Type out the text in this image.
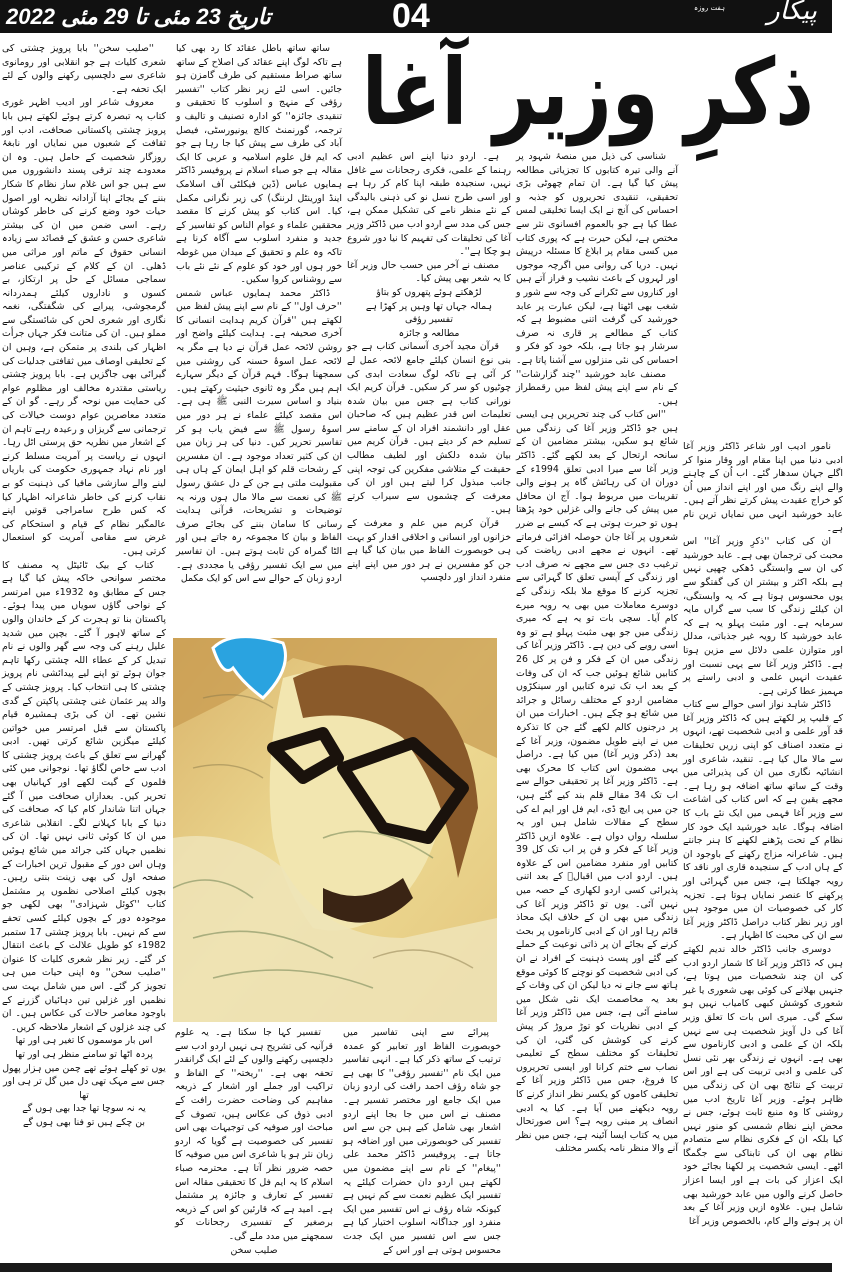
تاریخ 23 مئی تا 29 مئی 2022	04	ہفت روزہ پیکار
ذکرِ وزیر آغا

نامور ادیب اور شاعر ڈاکٹر وزیر آغا ادبی دنیا میں اپنا مقام اور وقار منوا کر اگلے جہان سدھار گئے۔ اب اُن کے چاہنے والے اپنے رنگ میں اور اپنے انداز میں اُن کو خراج عقیدت پیش کرتے نظر آتے ہیں۔ عابد خورشید انہی میں نمایاں ترین نام ہے۔

ان کی کتاب ''ذکرِ وزیر آغا'' اس محبت کی ترجمان بھی ہے۔ عابد خورشید کی ان سے وابستگی ڈھکی چھپی نہیں ہے بلکہ اکثر و بیشتر ان کی گفتگو سے یوں محسوس ہوتا ہے کہ یہ وابستگی، ان کیلئے زندگی کا سب سے گراں مایہ سرمایہ ہے۔ اور مثبت پہلو یہ ہے کہ عابد خورشید کا رویہ غیر جذباتی، مدلل اور متوازن علمی دلائل سے مزین ہوتا ہے۔ ڈاکٹر وزیر آغا سے یہی نسبت اور عقیدت انہیں علمی و ادبی راستے پر مہمیز عطا کرتی ہے۔

ڈاکٹر شاہد نواز اسی حوالے سے کتاب کے فلیپ پر لکھتے ہیں کہ ڈاکٹر وزیر آغا قد آور علمی و ادبی شخصیت تھے، انہوں نے متعدد اصناف کو اپنی زریں تخلیقات سے مالا مال کیا ہے۔ تنقید، شاعری اور انشائیہ نگاری میں ان کی پذیرائی میں وقت کے ساتھ ساتھ اضافہ ہو رہا ہے۔ مجھے یقین ہے کہ اس کتاب کی اشاعت سے وزیر آغا فہمی میں ایک نئے باب کا اضافہ ہوگا۔ عابد خورشید ایک خود کار نظام کے تحت پڑھنے لکھنے کا ہنر جانتے ہیں۔ شاعرانہ مزاج رکھنے کے باوجود ان کے ہاں ادب کے سنجیدہ قاری اور ناقد کا رویہ جھلکتا ہے، جس میں گہرائی اور پرکھنے کا عنصر نمایاں ہوتا ہے۔ تجزیہ کار کی خصوصیات ان میں موجود ہیں اور زیر نظر کتاب دراصل ڈاکٹر وزیر آغا سے ان کی محبت کا اظہار ہے۔

دوسری جانب ڈاکٹر خالد ندیم لکھتے ہیں کہ ڈاکٹر وزیر آغا کا شمار اردو ادب کی ان چند شخصیات میں ہوتا ہے، جنہیں بھلانے کی کوئی بھی شعوری یا غیر شعوری کوشش کبھی کامیاب نہیں ہو سکے گی۔ میری اس بات کا تعلق وزیر آغا کی دل آویز شخصیت ہی سے نہیں بلکہ ان کے علمی و ادبی کارناموں سے بھی ہے۔ انہوں نے زندگی بھر نئی نسل کی علمی و ادبی تربیت کی ہے اور اس تربیت کے نتائج بھی ان کی زندگی میں ظاہر ہوئے۔ وزیر آغا تاریخ ادب میں روشنی کا وہ منبع ثابت ہوئے، جس نے محض اپنے نظام شمسی کو منور نہیں کیا بلکہ ان کے فکری نظام سے متصادم نظام بھی ان کی تابناکی سے جگمگا اٹھے۔ ایسی شخصیت پر لکھنا بجائے خود ایک اعزاز کی بات ہے اور ایسا اعزاز حاصل کرنے والوں میں عابد خورشید بھی شامل ہیں۔ علاوہ ازیں وزیر آغا کے بعد ان پر ہونے والے کام، بالخصوص وزیر آغا

شناسی کی ذیل میں منصۂ شہود پر آنے والی تیرہ کتابوں کا تجزیاتی مطالعہ پیش کیا گیا ہے۔ ان تمام چھوٹی بڑی تحقیقی، تنقیدی تحریروں کو جذبہ و احساس کی آنچ نے ایک ایسا تخلیقی لمس عطا کیا ہے جو بالعموم افسانوی نثر سے مختص ہے، لیکن حیرت ہے کہ پوری کتاب میں کسی مقام پر ابلاغ کا مسئلہ درپیش نہیں۔ دریا کی روانی میں اگرچہ موجوں اور لہروں کے باعث نشیب و فراز آتے ہیں اور کناروں سے ٹکرانے کی وجہ سے شور و شغب بھی اٹھتا ہے، لیکن عبارت پر عابد خورشید کی گرفت اتنی مضبوط ہے کہ کتاب کے مطالعے پر قاری نہ صرف سرشار ہو جاتا ہے، بلکہ خود کو فکر و احساس کی نئی منزلوں سے آشنا پاتا ہے۔

مصنف عابد خورشید ''چند گزارشات'' کے نام سے اپنے پیش لفظ میں رقمطراز ہیں۔

''اس کتاب کی چند تحریریں ہی ایسی ہیں جو ڈاکٹر وزیر آغا کی زندگی میں شائع ہو سکیں، بیشتر مضامین ان کے سانحہ ارتحال کے بعد لکھے گئے۔ ڈاکٹر وزیر آغا سے میرا ادبی تعلق 1994ء کے دوران ان کی رہائش گاہ پر ہونے والی تقریبات میں مربوط ہوا۔ آج ان محافل میں پیش کی جانے والی غزلیں خود پڑھتا ہوں تو حیرت ہوتی ہے کہ کیسے بے ضرر شعروں پر آغا جان حوصلہ افزائی فرماتے تھے۔ انہوں نے مجھے ادبی ریاضت کی ترغیب دی جس سے مجھے نہ صرف ادب اور زندگی کے آپسی تعلق کا گہرائی سے تجزیہ کرنے کا موقع ملا بلکہ زندگی کے دوسرے معاملات میں بھی یہ رویہ میرے کام آیا۔ سچی بات تو یہ ہے کہ میری زندگی میں جو بھی مثبت پہلو ہے تو وہ اسی رویے کی دین ہے۔ ڈاکٹر وزیر آغا کی زندگی میں ان کے فکر و فن پر کل 26 کتابیں شائع ہوئیں جب کہ ان کی وفات کے بعد اب تک تیرہ کتابیں اور سینکڑوں مضامین اردو کے مختلف رسائل و جرائد میں شائع ہو چکے ہیں۔ اخبارات میں ان پر درجنوں کالم لکھے گئے جن کا تذکرہ میں نے اپنے طویل مضمون، وزیر آغا کے بعد (ذکر وزیر آغا) میں کیا ہے۔ دراصل یہی مضمون اس کتاب کا محرک بھی ہے۔ ڈاکٹر وزیر آغا پر تحقیقی حوالے سے اب تک 34 مقالے قلم بند کیے گئے ہیں، جن میں پی ایچ ڈی، ایم فل اور ایم اے کی سطح کے مقالات شامل ہیں اور یہ سلسلہ رواں دواں ہے۔ علاوہ ازیں ڈاکٹر وزیر آغا کے فکر و فن پر اب تک کل 39 کتابیں اور منفرد مضامین اس کے علاوہ ہیں۔ اردو ادب میں اقبالؒ کے بعد اتنی پذیرائی کسی اردو لکھاری کے حصہ میں نہیں آئی۔ یوں تو ڈاکٹر وزیر آغا کی زندگی میں بھی ان کے خلاف ایک محاذ قائم رہا اور ان کے ادبی کارناموں پر بحث کرنے کے بجائے ان پر ذاتی نوعیت کے حملے کیے گئے اور پست ذہنیت کے افراد نے ان کی ادبی شخصیت کو نوچنے کا کوئی موقع ہاتھ سے جانے نہ دیا لیکن ان کی وفات کے بعد یہ مخاصمت ایک نئی شکل میں سامنے آئی ہے، جس میں ڈاکٹر وزیر آغا کے ادبی نظریات کو توڑ مروڑ کر پیش کرنے کی کوشش کی گئی، ان کی تخلیقات کو مختلف سطح کے تعلیمی نصاب سے ختم کرانا اور ایسی تحریروں کا فروغ، جس میں ڈاکٹر وزیر آغا کے تخلیقی کاموں کو یکسر نظر انداز کرنے کا رویہ دیکھنے میں آیا ہے۔ کیا یہ ادبی انصاف پر مبنی رویہ ہے؟ اس صورتحال میں یہ کتاب ایسا آئینہ ہے، جس میں نظر آنے والا منظر نامہ یکسر مختلف

ہے۔ اردو دنیا اپنے اس عظیم ادبی رہنما کے علمی، فکری رجحانات سے غافل نہیں، سنجیدہ طبقہ اپنا کام کر رہا ہے اور اسی طرح نسل نو کی ذہنی بالیدگی کے نئے منظر نامے کی تشکیل ممکن ہے، جس کی مدد سے اردو ادب میں ڈاکٹر وزیر آغا کی تخلیقات کی تفہیم کا نیا دور شروع ہو چکا ہے''۔

مصنف نے آخر میں حسب حال وزیر آغا کا یہ شعر بھی پیش کیا۔

لڑھکتے ہوئے پتھروں کو بتاؤ
ہمالہ جہاں تھا وہیں پر کھڑا ہے
تفسیر رؤفی
مطالعہ و جائزہ

قرآن مجید آخری آسمانی کتاب ہے جو بنی نوع انسان کیلئے جامع لائحہ عمل لے کر آئی ہے تاکہ لوگ سعادت ابدی کی چوٹیوں کو سر کر سکیں۔ قرآن کریم ایک نورانی کتاب ہے جس میں بیان شدہ تعلیمات اس قدر عظیم ہیں کہ صاحبان عقل اور دانشمند افراد ان کے سامنے سر تسلیم خم کر دیتے ہیں۔ قرآن کریم میں بیان شدہ دلکش اور لطیف مطالب حقیقت کے متلاشی مفکرین کی توجہ اپنی جانب مبذول کرا لیتے ہیں اور ان کی معرفت کے چشموں سے سیراب کرتے ہیں۔

قرآن کریم میں علم و معرفت کے خزانوں اور انسانی و اخلاقی اقدار کو بہت ہی خوبصورت الفاظ میں بیان کیا گیا ہے جن کو مفسرین نے ہر دور میں اپنے اپنے منفرد انداز اور دلچسپ

پیرائے سے اپنی تفاسیر میں خوبصورت الفاظ اور تعابیر کو عمدہ ترتیب کے ساتھ ذکر کیا ہے۔ انہی تفاسیر میں ایک نام ''تفسیر رؤفی'' کا بھی ہے جو شاہ رؤف احمد رافت کی اردو زبان میں ایک جامع اور مختصر تفسیر ہے۔ مصنف نے اس میں جا بجا اپنے اردو اشعار بھی شامل کیے ہیں جن سے اس تفسیر کی خوبصورتی میں اور اضافہ ہو جاتا ہے۔ پروفیسر ڈاکٹر محمد علی ''پیغام'' کے نام سے اپنے مضمون میں لکھتے ہیں اردو دان حضرات کیلئے یہ تفسیر ایک عظیم نعمت سے کم نہیں ہے کیونکہ شاہ رؤف نے اس تفسیر میں ایک منفرد اور جداگانہ اسلوب اختیار کیا ہے جس سے اس تفسیر میں ایک جدت محسوس ہوتی ہے اور اس کے

ساتھ ساتھ باطل عقائد کا رد بھی کیا ہے تاکہ لوگ اپنے عقائد کی اصلاح کے ساتھ ساتھ صراط مستقیم کی طرف گامزن ہو جائیں۔ اسی لئے زیر نظر کتاب ''تفسیر رؤفی کے منہج و اسلوب کا تحقیقی و تنقیدی جائزہ'' کو ادارہ تصنیف و تالیف و ترجمہ، گورنمنٹ کالج یونیورسٹی، فیصل آباد کی طرف سے پیش کیا جا رہا ہے جو کہ ایم فل علوم اسلامیہ و عربی کا ایک مقالہ ہے جو صباء اسلام نے پروفیسر ڈاکٹر ہمایوں عباس (ڈین فیکلٹی آف اسلامک اینڈ اورینٹل لرننگ) کی زیر نگرانی مکمل کیا۔ اس کتاب کو پیش کرنے کا مقصد محققین علماء و عوام الناس کو تفاسیر کے جدید و منفرد اسلوب سے آگاہ کرنا ہے تاکہ وہ علم و تحقیق کے میدان میں غوطہ خور ہوں اور خود کو علوم کے نئے نئے باب سے روشناس کروا سکیں۔

ڈاکٹر محمد ہمایوں عباس شمس ''حرف اول'' کے نام سے اپنے پیش لفظ میں لکھتے ہیں ''قرآن کریم ہدایت انسانی کا آخری صحیفہ ہے۔ ہدایت کیلئے واضح اور روشن لائحہ عمل قرآن نے دیا ہے مگر یہ لائحہ عمل اسوۂ حسنہ کی روشنی میں سمجھنا ہوگا۔ فہم قرآن کے دیگر سہارے اہم ہیں مگر وہ ثانوی حیثیت رکھتے ہیں۔ بنیاد و اساس سیرت النبی ﷺ ہی ہے۔ اس مقصد کیلئے علماء نے ہر دور میں اسوۂ رسول ﷺ سے فیض یاب ہو کر تفاسیر تحریر کیں۔ دنیا کی ہر زبان میں ان کی کثیر تعداد موجود ہے۔ ان مفسرین کے رشحات قلم کو اہل ایمان کے ہاں ہی مقبولیت ملتی ہے جن کے دل عشق رسول ﷺ کی نعمت سے مالا مال ہوں ورنہ یہ توضیحات و تشریحات، قرآنی ہدایت رسانی کا سامان بننے کی بجائے صرف الفاظ و بیان کا مجموعہ رہ جاتے ہیں اور الٹا گمراہ کن ثابت ہوتے ہیں۔ ان تفاسیر میں سے ایک تفسیر رؤفی یا مجددی ہے۔ اردو زبان کے حوالے سے اس کو ایک مکمل

تفسیر کہا جا سکتا ہے۔ یہ علوم قرآنیہ کی تشریح ہی نہیں اردو ادب سے دلچسپی رکھنے والوں کے لئے ایک گرانقدر تحفہ بھی ہے۔ ''ریختہ'' کے الفاظ و تراکیب اور جملے اور اشعار کے ذریعہ مفاہیم کی وضاحت حضرت رافت کے ادبی ذوق کی عکاس ہیں، تصوف کے مباحث اور صوفیہ کی توجیہات بھی اس تفسیر کی خصوصیت ہے گویا کہ اردو زبان نثر ہو یا شاعری اس میں صوفیہ کا حصہ ضرور نظر آتا ہے۔ محترمہ صباء اسلام کا یہ ایم فل کا تحقیقی مقالہ اس تفسیر کے تعارف و جائزہ پر مشتمل ہے۔ امید ہے کہ قارئین کو اس کے ذریعہ برصغیر کے تفسیری رجحانات کو سمجھنے میں مدد ملے گی۔

صلیب سخن

''صلیب سخن'' بابا پرویز چشتی کی شعری کلیات ہے جو انقلابی اور رومانوی شاعری سے دلچسپی رکھنے والوں کے لئے ایک تحفہ ہے۔

معروف شاعر اور ادیب اظہر غوری کتاب پہ تبصرہ کرتے ہوئے لکھتے ہیں بابا پرویز چشتی پاکستانی صحافت، ادب اور ثقافت کے شعبوں میں نمایاں اور نابغۂ روزگار شخصیت کے حامل ہیں۔ وہ ان معدودے چند ترقی پسند دانشوروں میں سے ہیں جو اس غلام ساز نظام کا شکار بننے کے بجائے اپنا آزادانہ نظریہ اور اصول حیات خود وضع کرنے کی خاطر کوشاں رہے۔ اسی ضمن میں ان کی بیشتر شاعری حسن و عشق کے قصائد سے زیادہ انسانی حقوق کے ماتم اور مراثی میں ڈھلی۔ ان کے کلام کے ترکیبی عناصر سماجی مسائل کے حل پر ارتکاز، بے کسوں و ناداروں کیلئے ہمدردانہ گرمجوشی، پیرایے کی شگفتگی، نغمہ نگاری اور شعری لحن کی شائستگی سے مملو ہیں۔ ان کی متانت فکر جہاں جرأت اظہار کی بلندی پر متمکن ہے، وہیں ان کے تخلیقی اوصاف میں ثقافتی جدلیات کی گیرائی بھی جاگزیں ہے۔ بابا پرویز چشتی ریاستی مقتدرہ مخالف اور مظلوم عوام کی حمایت میں نوحہ گر رہے۔ گو ان کے متعدد معاصرین عوام دوست خیالات کی ترجمانی سے گریزاں و رعیدہ رہے تاہم ان کے اشعار میں نظریہ حق پرستی اٹل رہا۔ انہوں نے ریاست پر آمریت مسلط کرنے اور نام نہاد جمہوری حکومت کی باریاں لینے والے سازشی مافیا کی ذہنیت کو بے نقاب کرنے کی خاطر شاعرانہ اظہار کیا کہ کس طرح سامراجی قوتیں اپنے عالمگیر نظام کے قیام و استحکام کی غرض سے مقامی آمریت کو استعمال کرتی ہیں۔

کتاب کے بیک ٹائیٹل پہ مصنف کا مختصر سوانحی خاکہ پیش کیا گیا ہے جس کے مطابق وہ 1932ء میں امرتسر کے نواحی گاؤں سویاں میں پیدا ہوئے۔ پاکستان بنا تو ہجرت کر کے خاندان والوں کے ساتھ لاہور آ گئے۔ بچپن میں شدید علیل رہنے کی وجہ سے گھر والوں نے نام تبدیل کر کے عطاء اللہ چشتی رکھا تاہم جوان ہوئے تو اپنے لیے پیدائشی نام پرویز چشتی کا ہی انتخاب کیا۔ پرویز چشتی کے والد پیر عثمان غنی چشتی پاکپتن کے گدی نشین تھے۔ ان کی بڑی ہمشیرہ قیام پاکستان سے قبل امرتسر میں خواتین کیلئے میگزین شائع کرتی تھیں۔ ادبی گھرانے سے تعلق کے باعث پرویز چشتی کا ادب سے خاص لگاؤ تھا۔ نوجوانی میں کئی فلموں کے گیت لکھے اور کہانیاں بھی تحریر کیں۔ بعدازاں صحافت میں آ گئے جہاں اتنا شاندار کام کیا کہ صحافت کی دنیا کے بابا کہلانے لگے۔ انقلابی شاعری میں ان کا کوئی ثانی نہیں تھا۔ ان کی نظمیں جہاں کئی جرائد میں شائع ہوئیں وہاں اس دور کے مقبول ترین اخبارات کے صفحہ اول کی بھی زینت بنتی رہیں۔ بچوں کیلئے اصلاحی نظموں پر مشتمل کتاب ''کوئل شہزادی'' بھی لکھی جو موجودہ دور کے بچوں کیلئے کسی تحفے سے کم نہیں۔ بابا پرویز چشتی 17 ستمبر 1982ء کو طویل علالت کے باعث انتقال کر گئے۔ زیر نظر شعری کلیات کا عنوان ''صلیب سخن'' وہ اپنی حیات میں ہی تجویز کر گئے۔ اس میں شامل بہت سی نظمیں اور غزلیں تین دہائیاں گزرنے کے باوجود معاصر حالات کی عکاس ہیں۔ ان کی چند غزلوں کے اشعار ملاحظہ کریں۔

اس بار موسموں کا تغیر ہی اور تھا
پردہ اٹھا تو سامنے منظر ہی اور تھا
یوں تو کھلے ہوئے تھے چمن میں ہزار پھول
جس سے مہک تھی دل میں گل تر ہی اور تھا
یہ نہ سوچا تھا جدا بھی ہوں گے
بن چکے ہیں تو فنا بھی ہوں گے
